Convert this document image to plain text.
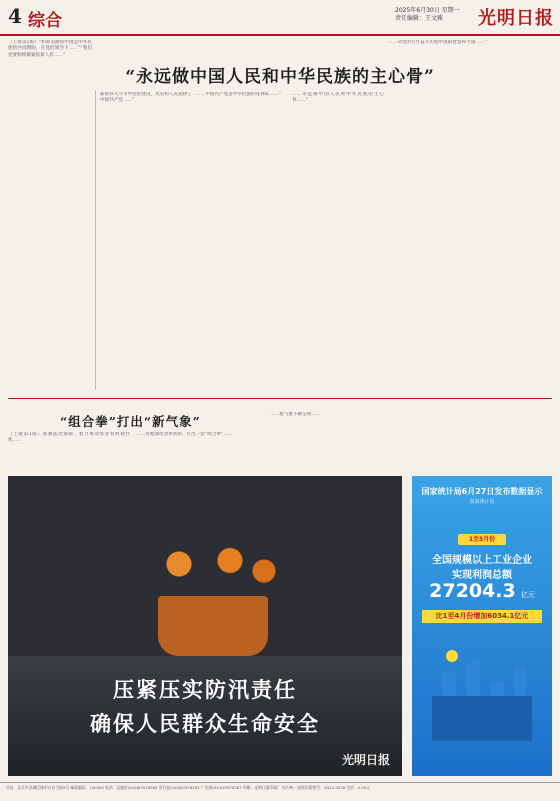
4 综合
2025年6月30日 星期一
责任编辑：王文雅	光明日报
“永远做中国人民和中华民族的主心骨”

（上接第1版）“和谐美丽的中国是中华民族的共同期盼，在党的领导下……”“我们党要始终紧紧依靠人民……”

新的伟大斗争中党的建设，历史和人民选择了中国共产党……”

……中国共产党是中华民族的先锋队……”	……永远做中国人民和中华民族的主心骨……”

……从党的百年奋斗历程中汲取智慧和力量……”

“组合拳”打出“新气象”

（上接第1版）加强法治保障，着力推动农业农村现代化……

……各地深化改革创新，打出一套“组合拳”……

……新气象不断呈现……

压紧压实防汛责任
确保人民群众生命安全
光明日报
国家统计局6月27日发布数据显示
国家统计局
1至5月份
全国规模以上工业企业
实现利润总额
27204.3 亿元
比1至4月份增加6034.1亿元
社址：北京市西城区珠市口东大街5号 邮政编码：100050 电话：总编室(010)67078282 发行部(010)67078255 广告部(010)67078267 印刷：光明日报印刷厂 国内统一连续出版物号：CN11-0026 定价：2.00元
